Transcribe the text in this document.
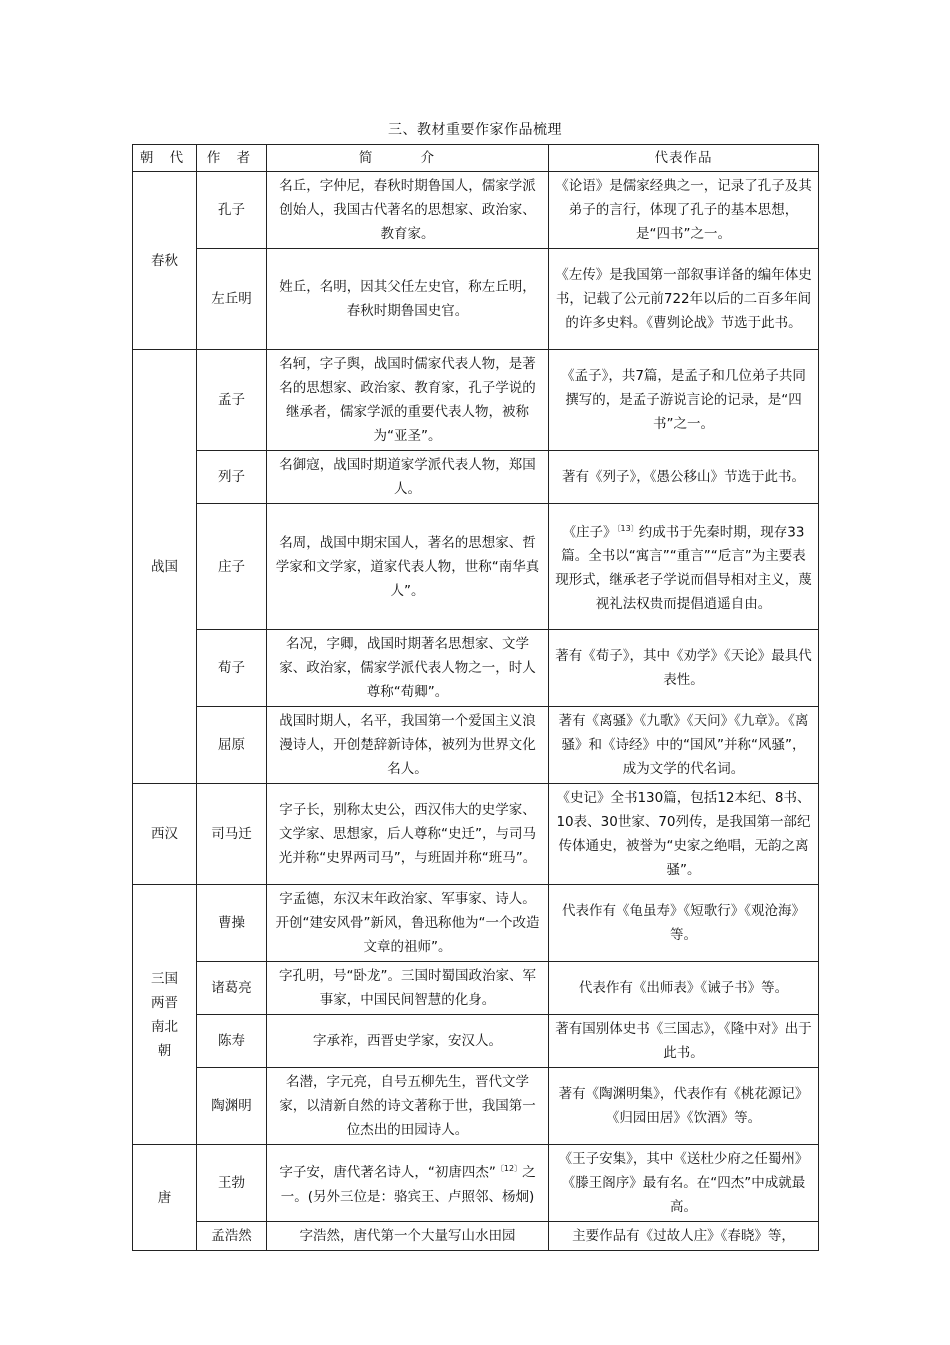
三、教材重要作家作品梳理
朝 代	作 者	简 介	代表作品
春秋	孔子	名丘，字仲尼，春秋时期鲁国人，儒家学派创始人，我国古代著名的思想家、政治家、教育家。	《论语》是儒家经典之一，记录了孔子及其弟子的言行，体现了孔子的基本思想，是“四书”之一。
	左丘明	姓丘，名明，因其父任左史官，称左丘明，春秋时期鲁国史官。	《左传》是我国第一部叙事详备的编年体史书，记载了公元前722年以后的二百多年间的许多史料。《曹刿论战》节选于此书。
战国	孟子	名轲，字子舆，战国时儒家代表人物，是著名的思想家、政治家、教育家，孔子学说的继承者，儒家学派的重要代表人物，被称为“亚圣”。	《孟子》，共7篇，是孟子和几位弟子共同撰写的，是孟子游说言论的记录，是“四书”之一。
	列子	名御寇，战国时期道家学派代表人物，郑国人。	著有《列子》，《愚公移山》节选于此书。
	庄子	名周，战国中期宋国人，著名的思想家、哲学家和文学家，道家代表人物，世称“南华真人”。	《庄子》$^{〔13〕}$约成书于先秦时期，现存33篇。全书以“寓言”“重言”“卮言”为主要表现形式，继承老子学说而倡导相对主义，蔑视礼法权贵而提倡逍遥自由。
	荀子	名况，字卿，战国时期著名思想家、文学家、政治家，儒家学派代表人物之一，时人尊称“荀卿”。	著有《荀子》，其中《劝学》《天论》最具代表性。
	屈原	战国时期人，名平，我国第一个爱国主义浪漫诗人，开创楚辞新诗体，被列为世界文化名人。	著有《离骚》《九歌》《天问》《九章》。《离骚》和《诗经》中的“国风”并称“风骚”，成为文学的代名词。
西汉	司马迁	字子长，别称太史公，西汉伟大的史学家、文学家、思想家，后人尊称“史迁”，与司马光并称“史界两司马”，与班固并称“班马”。	《史记》全书130篇，包括12本纪、8书、10表、30世家、70列传，是我国第一部纪传体通史，被誉为“史家之绝唱，无韵之离骚”。
三国两晋南北朝	曹操	字孟德，东汉末年政治家、军事家、诗人。开创“建安风骨”新风，鲁迅称他为“一个改造文章的祖师”。	代表作有《龟虽寿》《短歌行》《观沧海》等。
	诸葛亮	字孔明，号“卧龙”。三国时蜀国政治家、军事家，中国民间智慧的化身。	代表作有《出师表》《诫子书》等。
	陈寿	字承祚，西晋史学家，安汉人。	著有国别体史书《三国志》，《隆中对》出于此书。
	陶渊明	名潜，字元亮，自号五柳先生，晋代文学家，以清新自然的诗文著称于世，我国第一位杰出的田园诗人。	著有《陶渊明集》，代表作有《桃花源记》《归园田居》《饮酒》等。
唐	王勃	字子安，唐代著名诗人，“初唐四杰”$^{〔12〕}$之一。(另外三位是：骆宾王、卢照邻、杨炯)	《王子安集》，其中《送杜少府之任蜀州》《滕王阁序》最有名。在“四杰”中成就最高。
	孟浩然	字浩然，唐代第一个大量写山水田园	主要作品有《过故人庄》《春晓》等，
